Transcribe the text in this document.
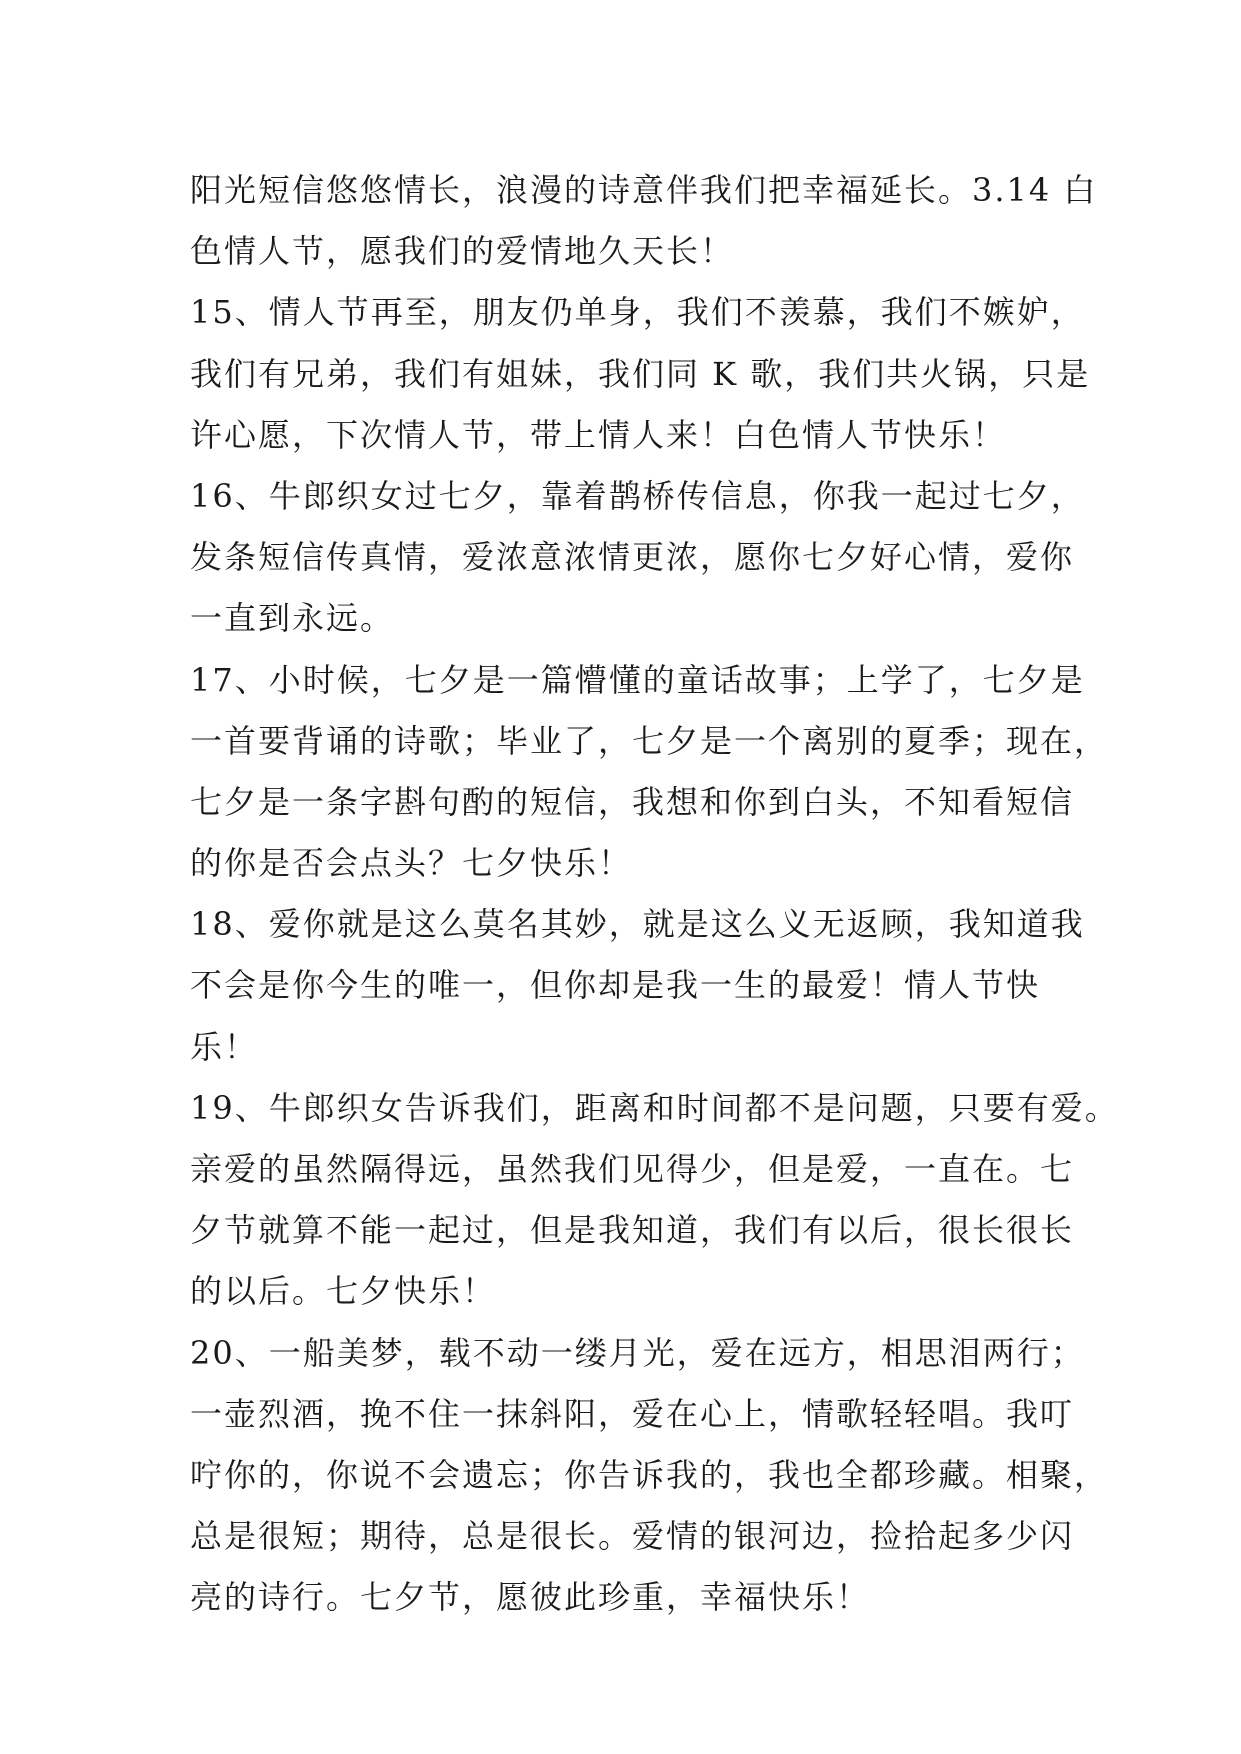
阳光短信悠悠情长，浪漫的诗意伴我们把幸福延长。3.14 白
色情人节，愿我们的爱情地久天长！
15、情人节再至，朋友仍单身，我们不羡慕，我们不嫉妒，
我们有兄弟，我们有姐妹，我们同 K 歌，我们共火锅，只是
许心愿，下次情人节，带上情人来！白色情人节快乐！
16、牛郎织女过七夕，靠着鹊桥传信息，你我一起过七夕，
发条短信传真情，爱浓意浓情更浓，愿你七夕好心情，爱你
一直到永远。
17、小时候，七夕是一篇懵懂的童话故事；上学了，七夕是
一首要背诵的诗歌；毕业了，七夕是一个离别的夏季；现在，
七夕是一条字斟句酌的短信，我想和你到白头，不知看短信
的你是否会点头？七夕快乐！
18、爱你就是这么莫名其妙，就是这么义无返顾，我知道我
不会是你今生的唯一，但你却是我一生的最爱！情人节快
乐！
19、牛郎织女告诉我们，距离和时间都不是问题，只要有爱。
亲爱的虽然隔得远，虽然我们见得少，但是爱，一直在。七
夕节就算不能一起过，但是我知道，我们有以后，很长很长
的以后。七夕快乐！
20、一船美梦，载不动一缕月光，爱在远方，相思泪两行；
一壶烈酒，挽不住一抹斜阳，爱在心上，情歌轻轻唱。我叮
咛你的，你说不会遗忘；你告诉我的，我也全都珍藏。相聚，
总是很短；期待，总是很长。爱情的银河边，捡拾起多少闪
亮的诗行。七夕节，愿彼此珍重，幸福快乐！
